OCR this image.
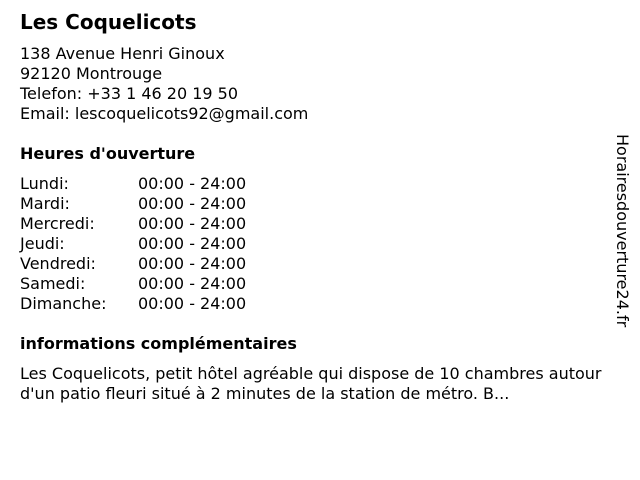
Les Coquelicots
138 Avenue Henri Ginoux
92120 Montrouge
Telefon: +33 1 46 20 19 50
Email: lescoquelicots92@gmail.com
Heures d'ouverture
Lundi:	00:00 - 24:00
Mardi:	00:00 - 24:00
Mercredi:	00:00 - 24:00
Jeudi:	00:00 - 24:00
Vendredi:	00:00 - 24:00
Samedi:	00:00 - 24:00
Dimanche:	00:00 - 24:00
informations complémentaires
Les Coquelicots, petit hôtel agréable qui dispose de 10 chambres autour d'un patio fleuri situé à 2 minutes de la station de métro. B...
Horairesdouverture24.fr
